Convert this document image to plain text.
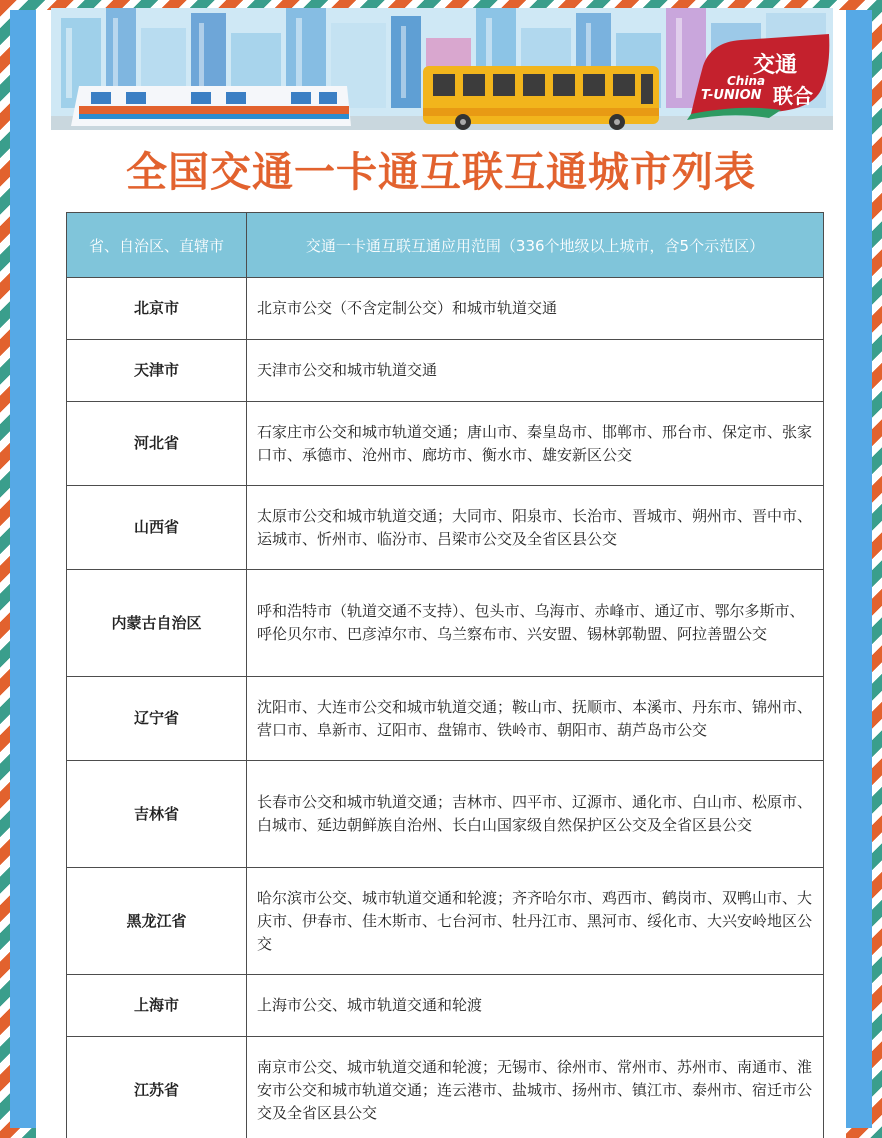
交通
China
T-UNION 联合
全国交通一卡通互联互通城市列表
省、自治区、直辖市	交通一卡通互联互通应用范围（336个地级以上城市，含5个示范区）
北京市	北京市公交（不含定制公交）和城市轨道交通
天津市	天津市公交和城市轨道交通
河北省	石家庄市公交和城市轨道交通；唐山市、秦皇岛市、邯郸市、邢台市、保定市、张家口市、承德市、沧州市、廊坊市、衡水市、雄安新区公交
山西省	太原市公交和城市轨道交通；大同市、阳泉市、长治市、晋城市、朔州市、晋中市、运城市、忻州市、临汾市、吕梁市公交及全省区县公交
内蒙古自治区	呼和浩特市（轨道交通不支持）、包头市、乌海市、赤峰市、通辽市、鄂尔多斯市、呼伦贝尔市、巴彦淖尔市、乌兰察布市、兴安盟、锡林郭勒盟、阿拉善盟公交
辽宁省	沈阳市、大连市公交和城市轨道交通；鞍山市、抚顺市、本溪市、丹东市、锦州市、营口市、阜新市、辽阳市、盘锦市、铁岭市、朝阳市、葫芦岛市公交
吉林省	长春市公交和城市轨道交通；吉林市、四平市、辽源市、通化市、白山市、松原市、白城市、延边朝鲜族自治州、长白山国家级自然保护区公交及全省区县公交
黑龙江省	哈尔滨市公交、城市轨道交通和轮渡；齐齐哈尔市、鸡西市、鹤岗市、双鸭山市、大庆市、伊春市、佳木斯市、七台河市、牡丹江市、黑河市、绥化市、大兴安岭地区公交
上海市	上海市公交、城市轨道交通和轮渡
江苏省	南京市公交、城市轨道交通和轮渡；无锡市、徐州市、常州市、苏州市、南通市、淮安市公交和城市轨道交通；连云港市、盐城市、扬州市、镇江市、泰州市、宿迁市公交及全省区县公交
